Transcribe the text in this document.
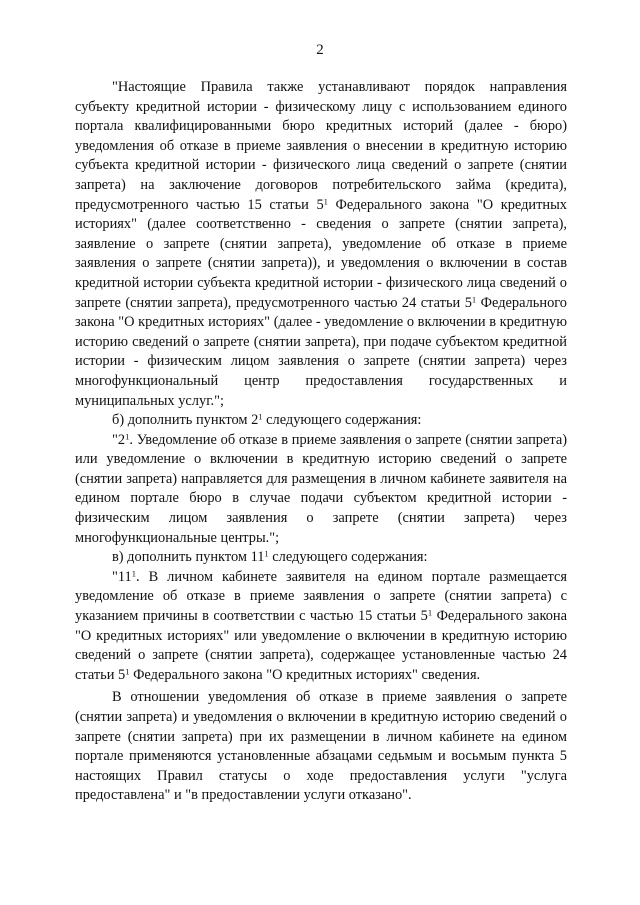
2

"Настоящие Правила также устанавливают порядок направления субъекту кредитной истории - физическому лицу с использованием единого портала квалифицированными бюро кредитных историй (далее - бюро) уведомления об отказе в приеме заявления о внесении в кредитную историю субъекта кредитной истории - физического лица сведений о запрете (снятии запрета) на заключение договоров потребительского займа (кредита), предусмотренного частью 15 статьи $5^1$ Федерального закона "О кредитных историях" (далее соответственно - сведения о запрете (снятии запрета), заявление о запрете (снятии запрета), уведомление об отказе в приеме заявления о запрете (снятии запрета)), и уведомления о включении в состав кредитной истории субъекта кредитной истории - физического лица сведений о запрете (снятии запрета), предусмотренного частью 24 статьи $5^1$ Федерального закона "О кредитных историях" (далее - уведомление о включении в кредитную историю сведений о запрете (снятии запрета), при подаче субъектом кредитной истории - физическим лицом заявления о запрете (снятии запрета) через многофункциональный центр предоставления государственных и муниципальных услуг.";

б) дополнить пунктом $2^1$ следующего содержания:

"$2^1$. Уведомление об отказе в приеме заявления о запрете (снятии запрета) или уведомление о включении в кредитную историю сведений о запрете (снятии запрета) направляется для размещения в личном кабинете заявителя на едином портале бюро в случае подачи субъектом кредитной истории - физическим лицом заявления о запрете (снятии запрета) через многофункциональные центры.";

в) дополнить пунктом $11^1$ следующего содержания:

"$11^1$. В личном кабинете заявителя на едином портале размещается уведомление об отказе в приеме заявления о запрете (снятии запрета) с указанием причины в соответствии с частью 15 статьи $5^1$ Федерального закона "О кредитных историях" или уведомление о включении в кредитную историю сведений о запрете (снятии запрета), содержащее установленные частью 24 статьи $5^1$ Федерального закона "О кредитных историях" сведения.

В отношении уведомления об отказе в приеме заявления о запрете (снятии запрета) и уведомления о включении в кредитную историю сведений о запрете (снятии запрета) при их размещении в личном кабинете на едином портале применяются установленные абзацами седьмым и восьмым пункта 5 настоящих Правил статусы о ходе предоставления услуги "услуга предоставлена" и "в предоставлении услуги отказано".
